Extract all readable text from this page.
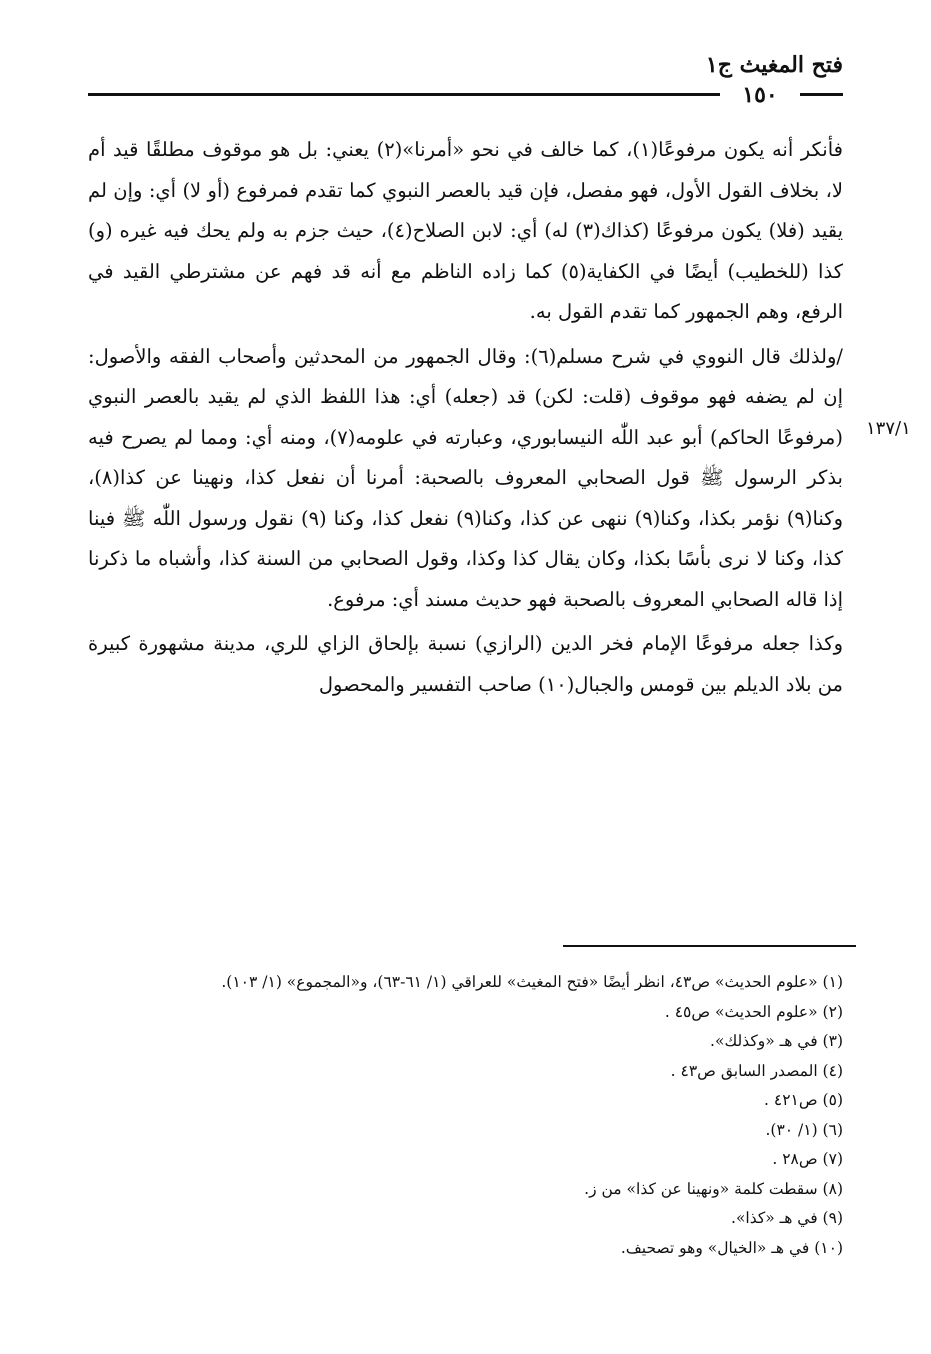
فتح المغيث ج١
١٥٠
١٣٧/١

فأنكر أنه يكون مرفوعًا(١)، كما خالف في نحو «أمرنا»(٢) يعني: بل هو موقوف مطلقًا قيد أم لا، بخلاف القول الأول، فهو مفصل، فإن قيد بالعصر النبوي كما تقدم فمرفوع (أو لا) أي: وإن لم يقيد (فلا) يكون مرفوعًا (كذاك(٣) له) أي: لابن الصلاح(٤)، حيث جزم به ولم يحك فيه غيره (و) كذا (للخطيب) أيضًا في الكفاية(٥) كما زاده الناظم مع أنه قد فهم عن مشترطي القيد في الرفع، وهم الجمهور كما تقدم القول به.

/ولذلك قال النووي في شرح مسلم(٦): وقال الجمهور من المحدثين وأصحاب الفقه والأصول: إن لم يضفه فهو موقوف (قلت: لكن) قد (جعله) أي: هذا اللفظ الذي لم يقيد بالعصر النبوي (مرفوعًا الحاكم) أبو عبد اللّٰه النيسابوري، وعبارته في علومه(٧)، ومنه أي: ومما لم يصرح فيه بذكر الرسول ﷺ قول الصحابي المعروف بالصحبة: أمرنا أن نفعل كذا، ونهينا عن كذا(٨)، وكنا(٩) نؤمر بكذا، وكنا(٩) ننهى عن كذا، وكنا(٩) نفعل كذا، وكنا (٩) نقول ورسول اللّٰه ﷺ فينا كذا، وكنا لا نرى بأسًا بكذا، وكان يقال كذا وكذا، وقول الصحابي من السنة كذا، وأشباه ما ذكرنا إذا قاله الصحابي المعروف بالصحبة فهو حديث مسند أي: مرفوع.

وكذا جعله مرفوعًا الإمام فخر الدين (الرازي) نسبة بإلحاق الزاي للري، مدينة مشهورة كبيرة من بلاد الديلم بين قومس والجبال(١٠) صاحب التفسير والمحصول

(١) «علوم الحديث» ص٤٣، انظر أيضًا «فتح المغيث» للعراقي (١/ ٦١-٦٣)، و«المجموع» (١/ ١٠٣).

(٢) «علوم الحديث» ص٤٥ .

(٣) في هـ «وكذلك».

(٤) المصدر السابق ص٤٣ .

(٥) ص٤٢١ .

(٦) (١/ ٣٠).

(٧) ص٢٨ .

(٨) سقطت كلمة «ونهينا عن كذا» من ز.

(٩) في هـ «كذا».

(١٠) في هـ «الخيال» وهو تصحيف.
